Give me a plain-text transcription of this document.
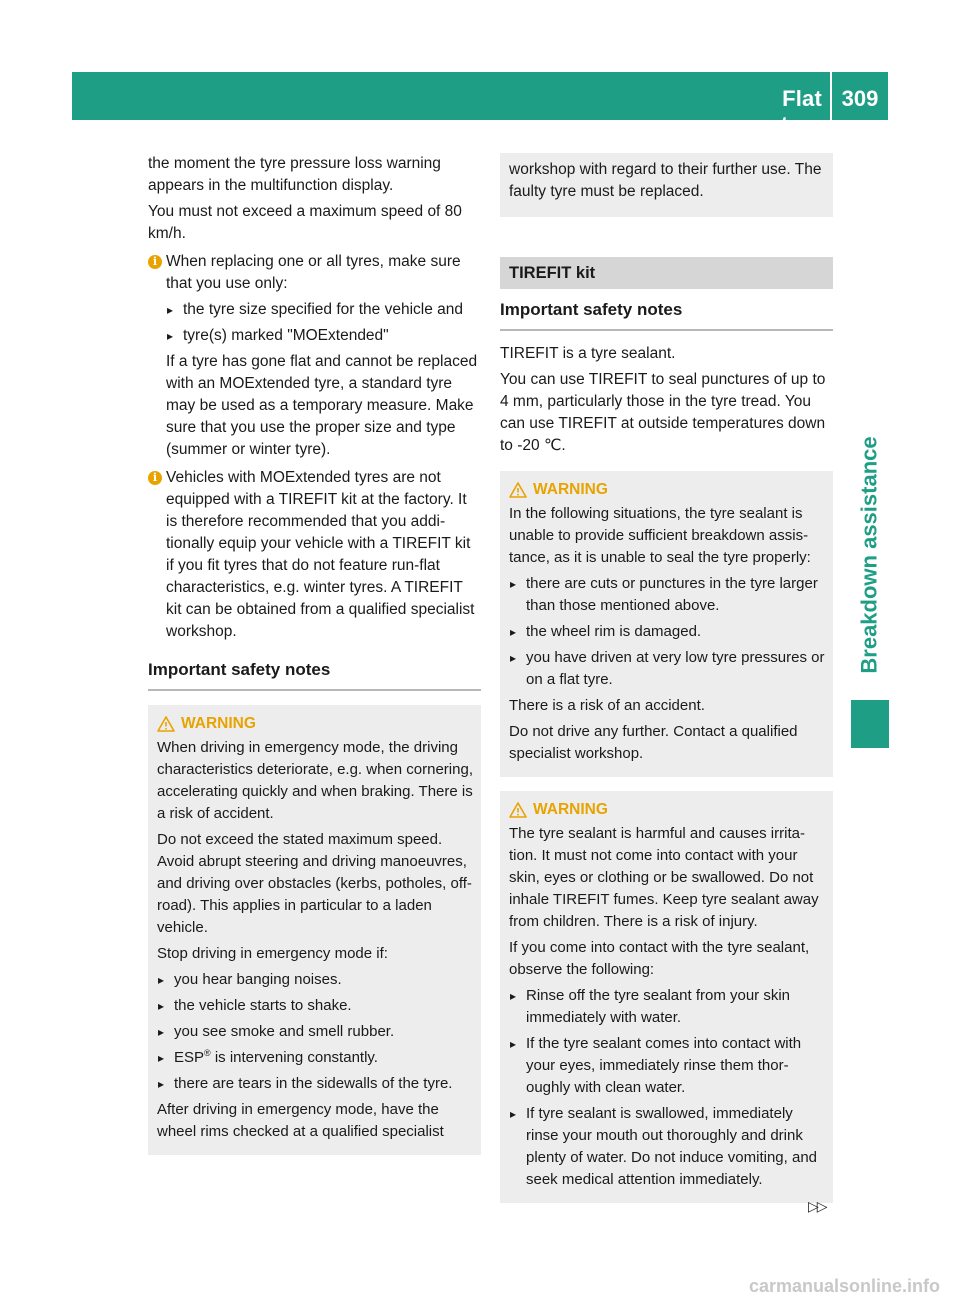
Flat tyre
309
Breakdown assistance

the moment the tyre pressure loss warning appears in the multifunction display.

You must not exceed a maximum speed of 80 km/h.

i When replacing one or all tyres, make sure that you use only:

▸ the tyre size specified for the vehicle and
▸ tyre(s) marked "MOExtended"

If a tyre has gone flat and cannot be replaced with an MOExtended tyre, a standard tyre may be used as a temporary measure. Make sure that you use the proper size and type (summer or winter tyre).

i Vehicles with MOExtended tyres are not equipped with a TIREFIT kit at the factory. It is therefore recommended that you additionally equip your vehicle with a TIREFIT kit if you fit tyres that do not feature run-flat characteristics, e.g. winter tyres. A TIREFIT kit can be obtained from a qualified specialist workshop.

Important safety notes
WARNING

When driving in emergency mode, the driving characteristics deteriorate, e.g. when cornering, accelerating quickly and when braking. There is a risk of accident.

Do not exceed the stated maximum speed. Avoid abrupt steering and driving manoeuvres, and driving over obstacles (kerbs, potholes, off-road). This applies in particular to a laden vehicle.

Stop driving in emergency mode if:

▸ you hear banging noises.
▸ the vehicle starts to shake.
▸ you see smoke and smell rubber.
▸ ESP® is intervening constantly.
▸ there are tears in the sidewalls of the tyre.

After driving in emergency mode, have the wheel rims checked at a qualified specialist

workshop with regard to their further use. The faulty tyre must be replaced.

TIREFIT kit
Important safety notes

TIREFIT is a tyre sealant.

You can use TIREFIT to seal punctures of up to 4 mm, particularly those in the tyre tread. You can use TIREFIT at outside temperatures down to -20 ℃.

WARNING

In the following situations, the tyre sealant is unable to provide sufficient breakdown assistance, as it is unable to seal the tyre properly:

▸ there are cuts or punctures in the tyre larger than those mentioned above.
▸ the wheel rim is damaged.
▸ you have driven at very low tyre pressures or on a flat tyre.

There is a risk of an accident.

Do not drive any further. Contact a qualified specialist workshop.

WARNING

The tyre sealant is harmful and causes irritation. It must not come into contact with your skin, eyes or clothing or be swallowed. Do not inhale TIREFIT fumes. Keep tyre sealant away from children. There is a risk of injury.

If you come into contact with the tyre sealant, observe the following:

▸ Rinse off the tyre sealant from your skin immediately with water.
▸ If the tyre sealant comes into contact with your eyes, immediately rinse them thoroughly with clean water.
▸ If tyre sealant is swallowed, immediately rinse your mouth out thoroughly and drink plenty of water. Do not induce vomiting, and seek medical attention immediately.
▷▷
carmanualsonline.info
